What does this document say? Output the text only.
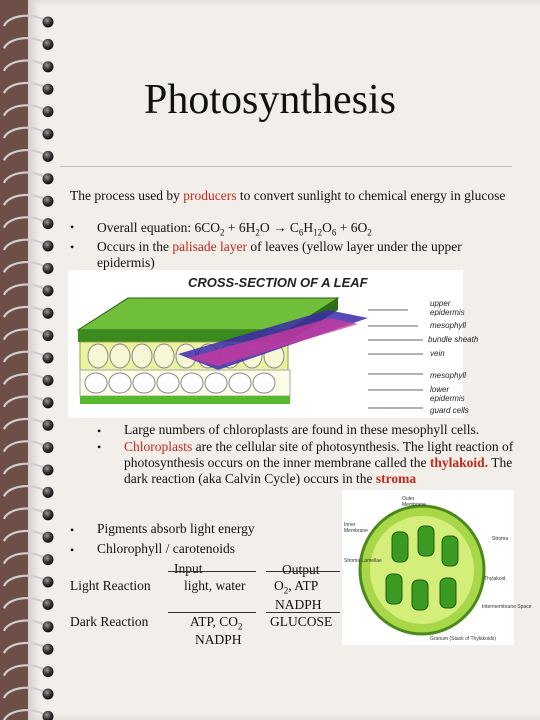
Photosynthesis
The process used by producers to convert sunlight to chemical energy in glucose
• Overall equation: $6CO_2 + 6H_2O \to C_6H_{12}O_6 + 6O_2$
• Occurs in the palisade layer of leaves (yellow layer under the upper epidermis)
CROSS-SECTION OF A LEAF
upper
epidermis
mesophyll
bundle sheath
vein
mesophyll
lower
epidermis
guard cells
• Large numbers of chloroplasts are found in these mesophyll cells.
• Chloroplasts are the cellular site of photosynthesis. The light reaction of photosynthesis occurs on the inner membrane called the thylakoid. The dark reaction (aka Calvin Cycle) occurs in the stroma
• Pigments absorb light energy
• Chlorophyll / carotenoids
Input	Output
Light Reaction light, water $O_2$, ATP
NADPH
Dark Reaction	ATP, $CO_2$
NADPH
GLUCOSE
Outer
Membrane
Inner
Membrane
Stroma
Stroma Lamellae
Thylakoid
Intermembrane Space
Granum (Stack of Thylakoids)
